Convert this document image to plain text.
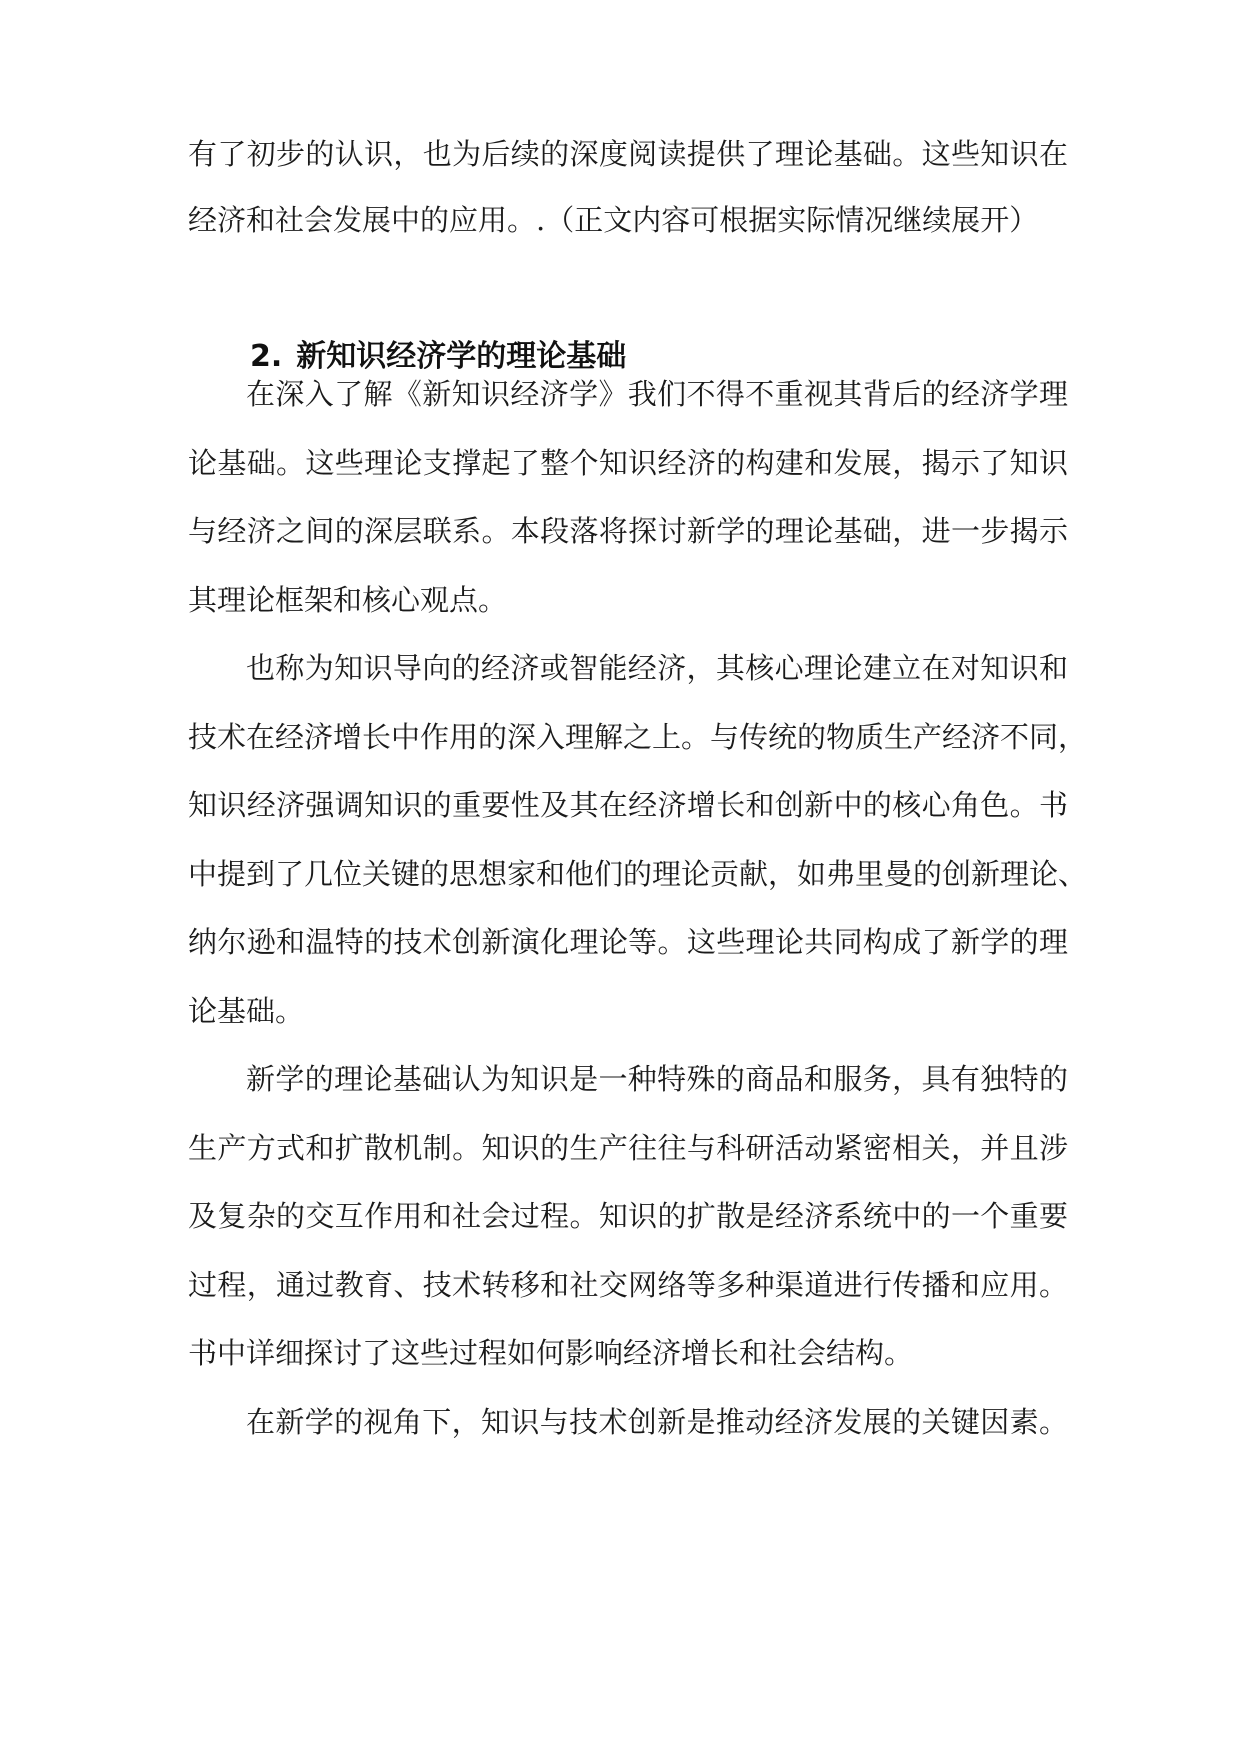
有了初步的认识，也为后续的深度阅读提供了理论基础。这些知识在
经济和社会发展中的应用。.（正文内容可根据实际情况继续展开）
2. 新知识经济学的理论基础
在深入了解《新知识经济学》我们不得不重视其背后的经济学理
论基础。这些理论支撑起了整个知识经济的构建和发展，揭示了知识
与经济之间的深层联系。本段落将探讨新学的理论基础，进一步揭示
其理论框架和核心观点。
也称为知识导向的经济或智能经济，其核心理论建立在对知识和
技术在经济增长中作用的深入理解之上。与传统的物质生产经济不同，
知识经济强调知识的重要性及其在经济增长和创新中的核心角色。书
中提到了几位关键的思想家和他们的理论贡献，如弗里曼的创新理论、
纳尔逊和温特的技术创新演化理论等。这些理论共同构成了新学的理
论基础。
新学的理论基础认为知识是一种特殊的商品和服务，具有独特的
生产方式和扩散机制。知识的生产往往与科研活动紧密相关，并且涉
及复杂的交互作用和社会过程。知识的扩散是经济系统中的一个重要
过程，通过教育、技术转移和社交网络等多种渠道进行传播和应用。
书中详细探讨了这些过程如何影响经济增长和社会结构。
在新学的视角下，知识与技术创新是推动经济发展的关键因素。
